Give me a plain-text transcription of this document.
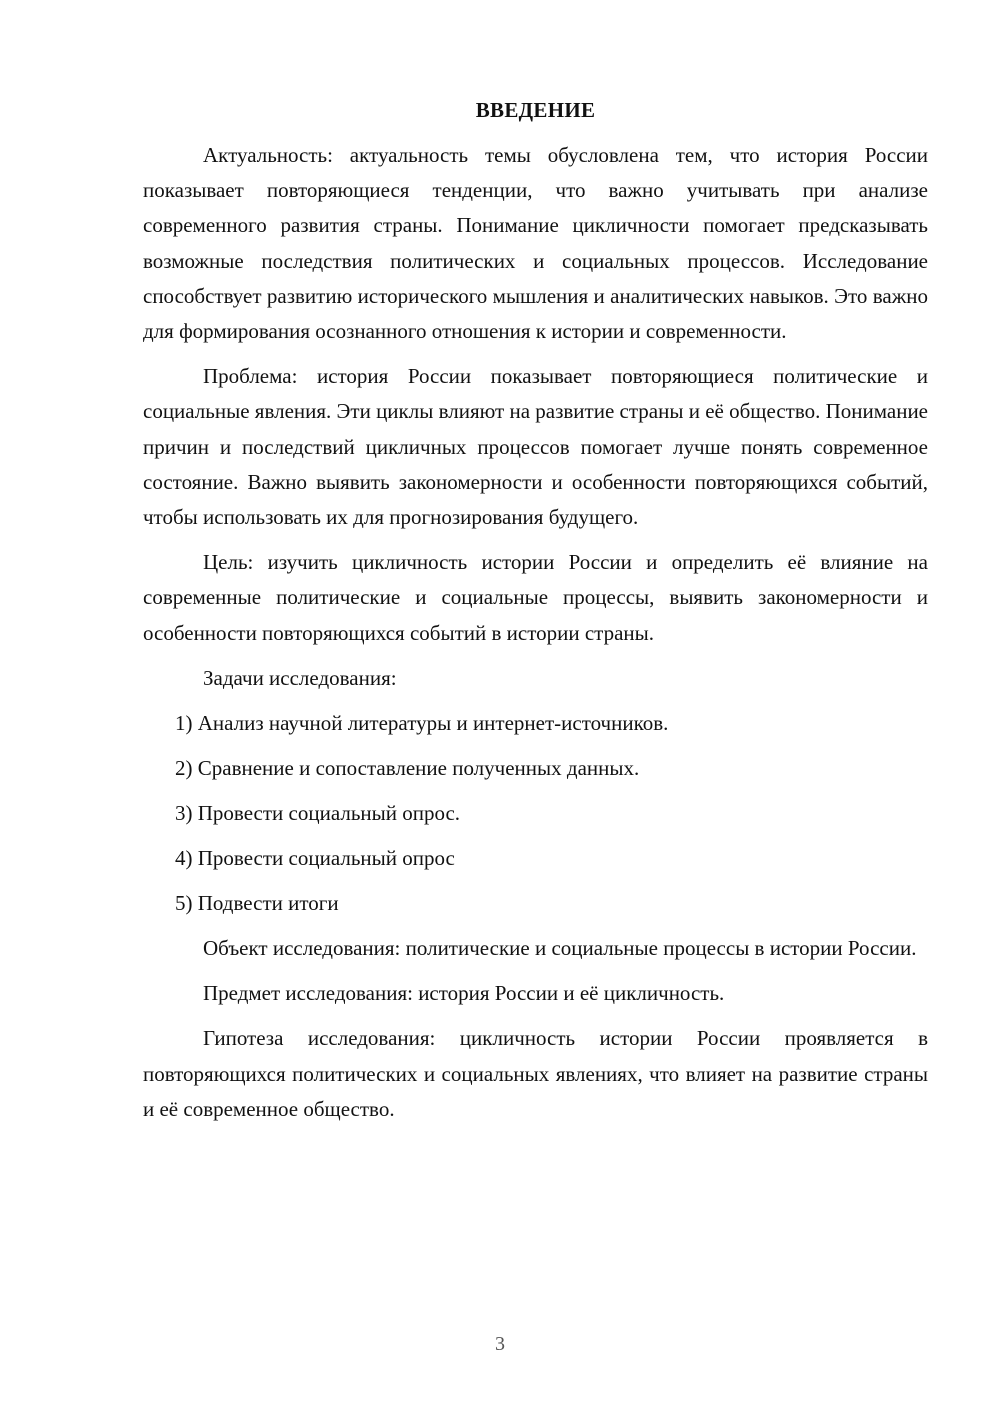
ВВЕДЕНИЕ

Актуальность: актуальность темы обусловлена тем, что история России показывает повторяющиеся тенденции, что важно учитывать при анализе современного развития страны. Понимание цикличности помогает предсказывать возможные последствия политических и социальных процессов. Исследование способствует развитию исторического мышления и аналитических навыков. Это важно для формирования осознанного отношения к истории и современности.

Проблема: история России показывает повторяющиеся политические и социальные явления. Эти циклы влияют на развитие страны и её общество. Понимание причин и последствий цикличных процессов помогает лучше понять современное состояние. Важно выявить закономерности и особенности повторяющихся событий, чтобы использовать их для прогнозирования будущего.

Цель: изучить цикличность истории России и определить её влияние на современные политические и социальные процессы, выявить закономерности и особенности повторяющихся событий в истории страны.

Задачи исследования:

1) Анализ научной литературы и интернет-источников.
2) Сравнение и сопоставление полученных данных.
3) Провести социальный опрос.
4) Провести социальный опрос
5) Подвести итоги

Объект исследования: политические и социальные процессы в истории России.

Предмет исследования: история России и её цикличность.

Гипотеза исследования: цикличность истории России проявляется в повторяющихся политических и социальных явлениях, что влияет на развитие страны и её современное общество.

3
